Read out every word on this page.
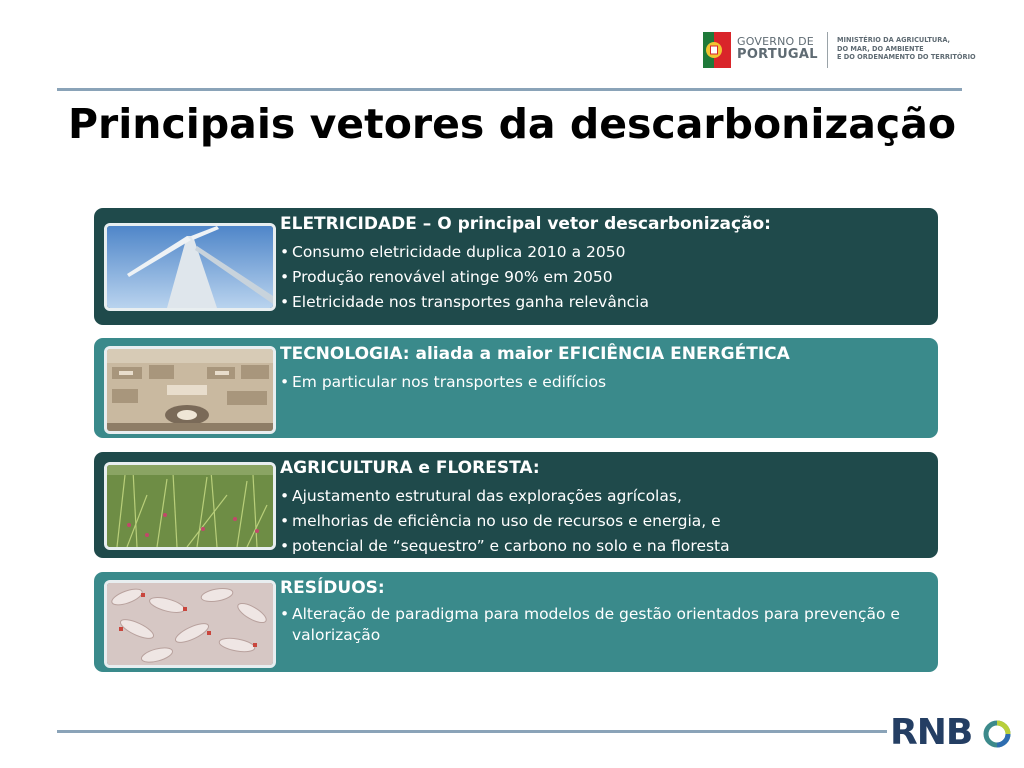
GOVERNO DE
PORTUGAL
MINISTÉRIO DA AGRICULTURA,
DO MAR, DO AMBIENTE
E DO ORDENAMENTO DO TERRITÓRIO
Principais vetores da descarbonização
ELETRICIDADE – O principal vetor descarbonização:
• Consumo eletricidade duplica 2010 a 2050
• Produção renovável atinge 90% em 2050
• Eletricidade nos transportes ganha relevância
TECNOLOGIA: aliada a maior EFICIÊNCIA ENERGÉTICA
• Em particular nos transportes e edifícios
AGRICULTURA e FLORESTA:
• Ajustamento estrutural das explorações agrícolas,
• melhorias de eficiência no uso de recursos e energia, e
• potencial de “sequestro” e carbono no solo e na floresta
RESÍDUOS:
• Alteração de paradigma para modelos de gestão orientados para prevenção e valorização
RNB
